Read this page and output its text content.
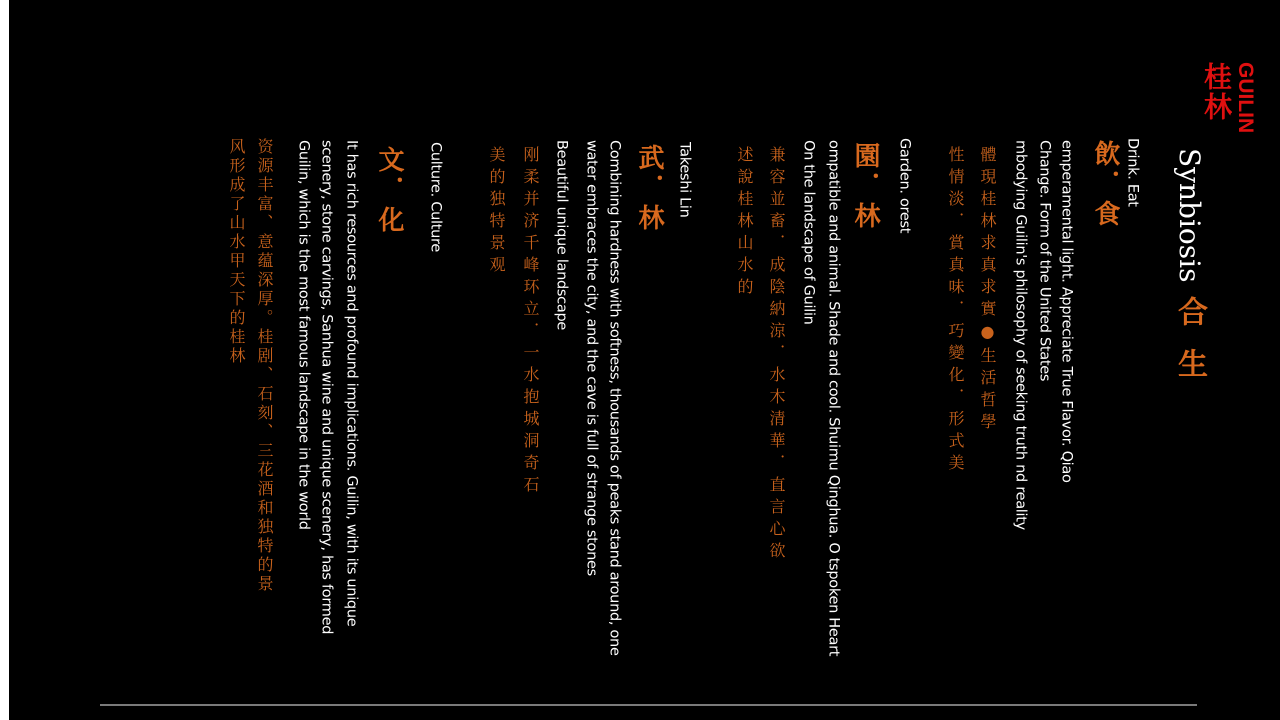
GUILIN
桂林
Synbiosis
合生
Drink. Eat
飲．食
emperamental light. Appreciate True Flavor. Qiao
Change. Form of the United States
mbodying Guilin's philosophy of seeking truth nd reality
體現桂林求真求實●生活哲學
性情淡．賞真味．巧變化．形式美
Garden. orest
園．林
ompatible and animal. Shade and cool. Shuimu Qinghua. O tspoken Heart
On the landscape of Guilin
兼容並畜．成陰納涼．水木清華．直言心欲
述說桂林山水的
Takeshi Lin
武．林
Combining hardness with softness, thousands of peaks stand around, one
water embraces the city, and the cave is full of strange stones
Beautiful unique landscape
刚柔并济千峰环立．一水抱城洞奇石
美的独特景观
Culture. Culture
文．化
It has rich resources and profound implications. Guilin, with its unique
scenery, stone carvings, Sanhua wine and unique scenery, has formed
Guilin, which is the most famous landscape in the world
资源丰富、意蕴深厚。桂剧、石刻、三花酒和独特的景
风形成了山水甲天下的桂林
